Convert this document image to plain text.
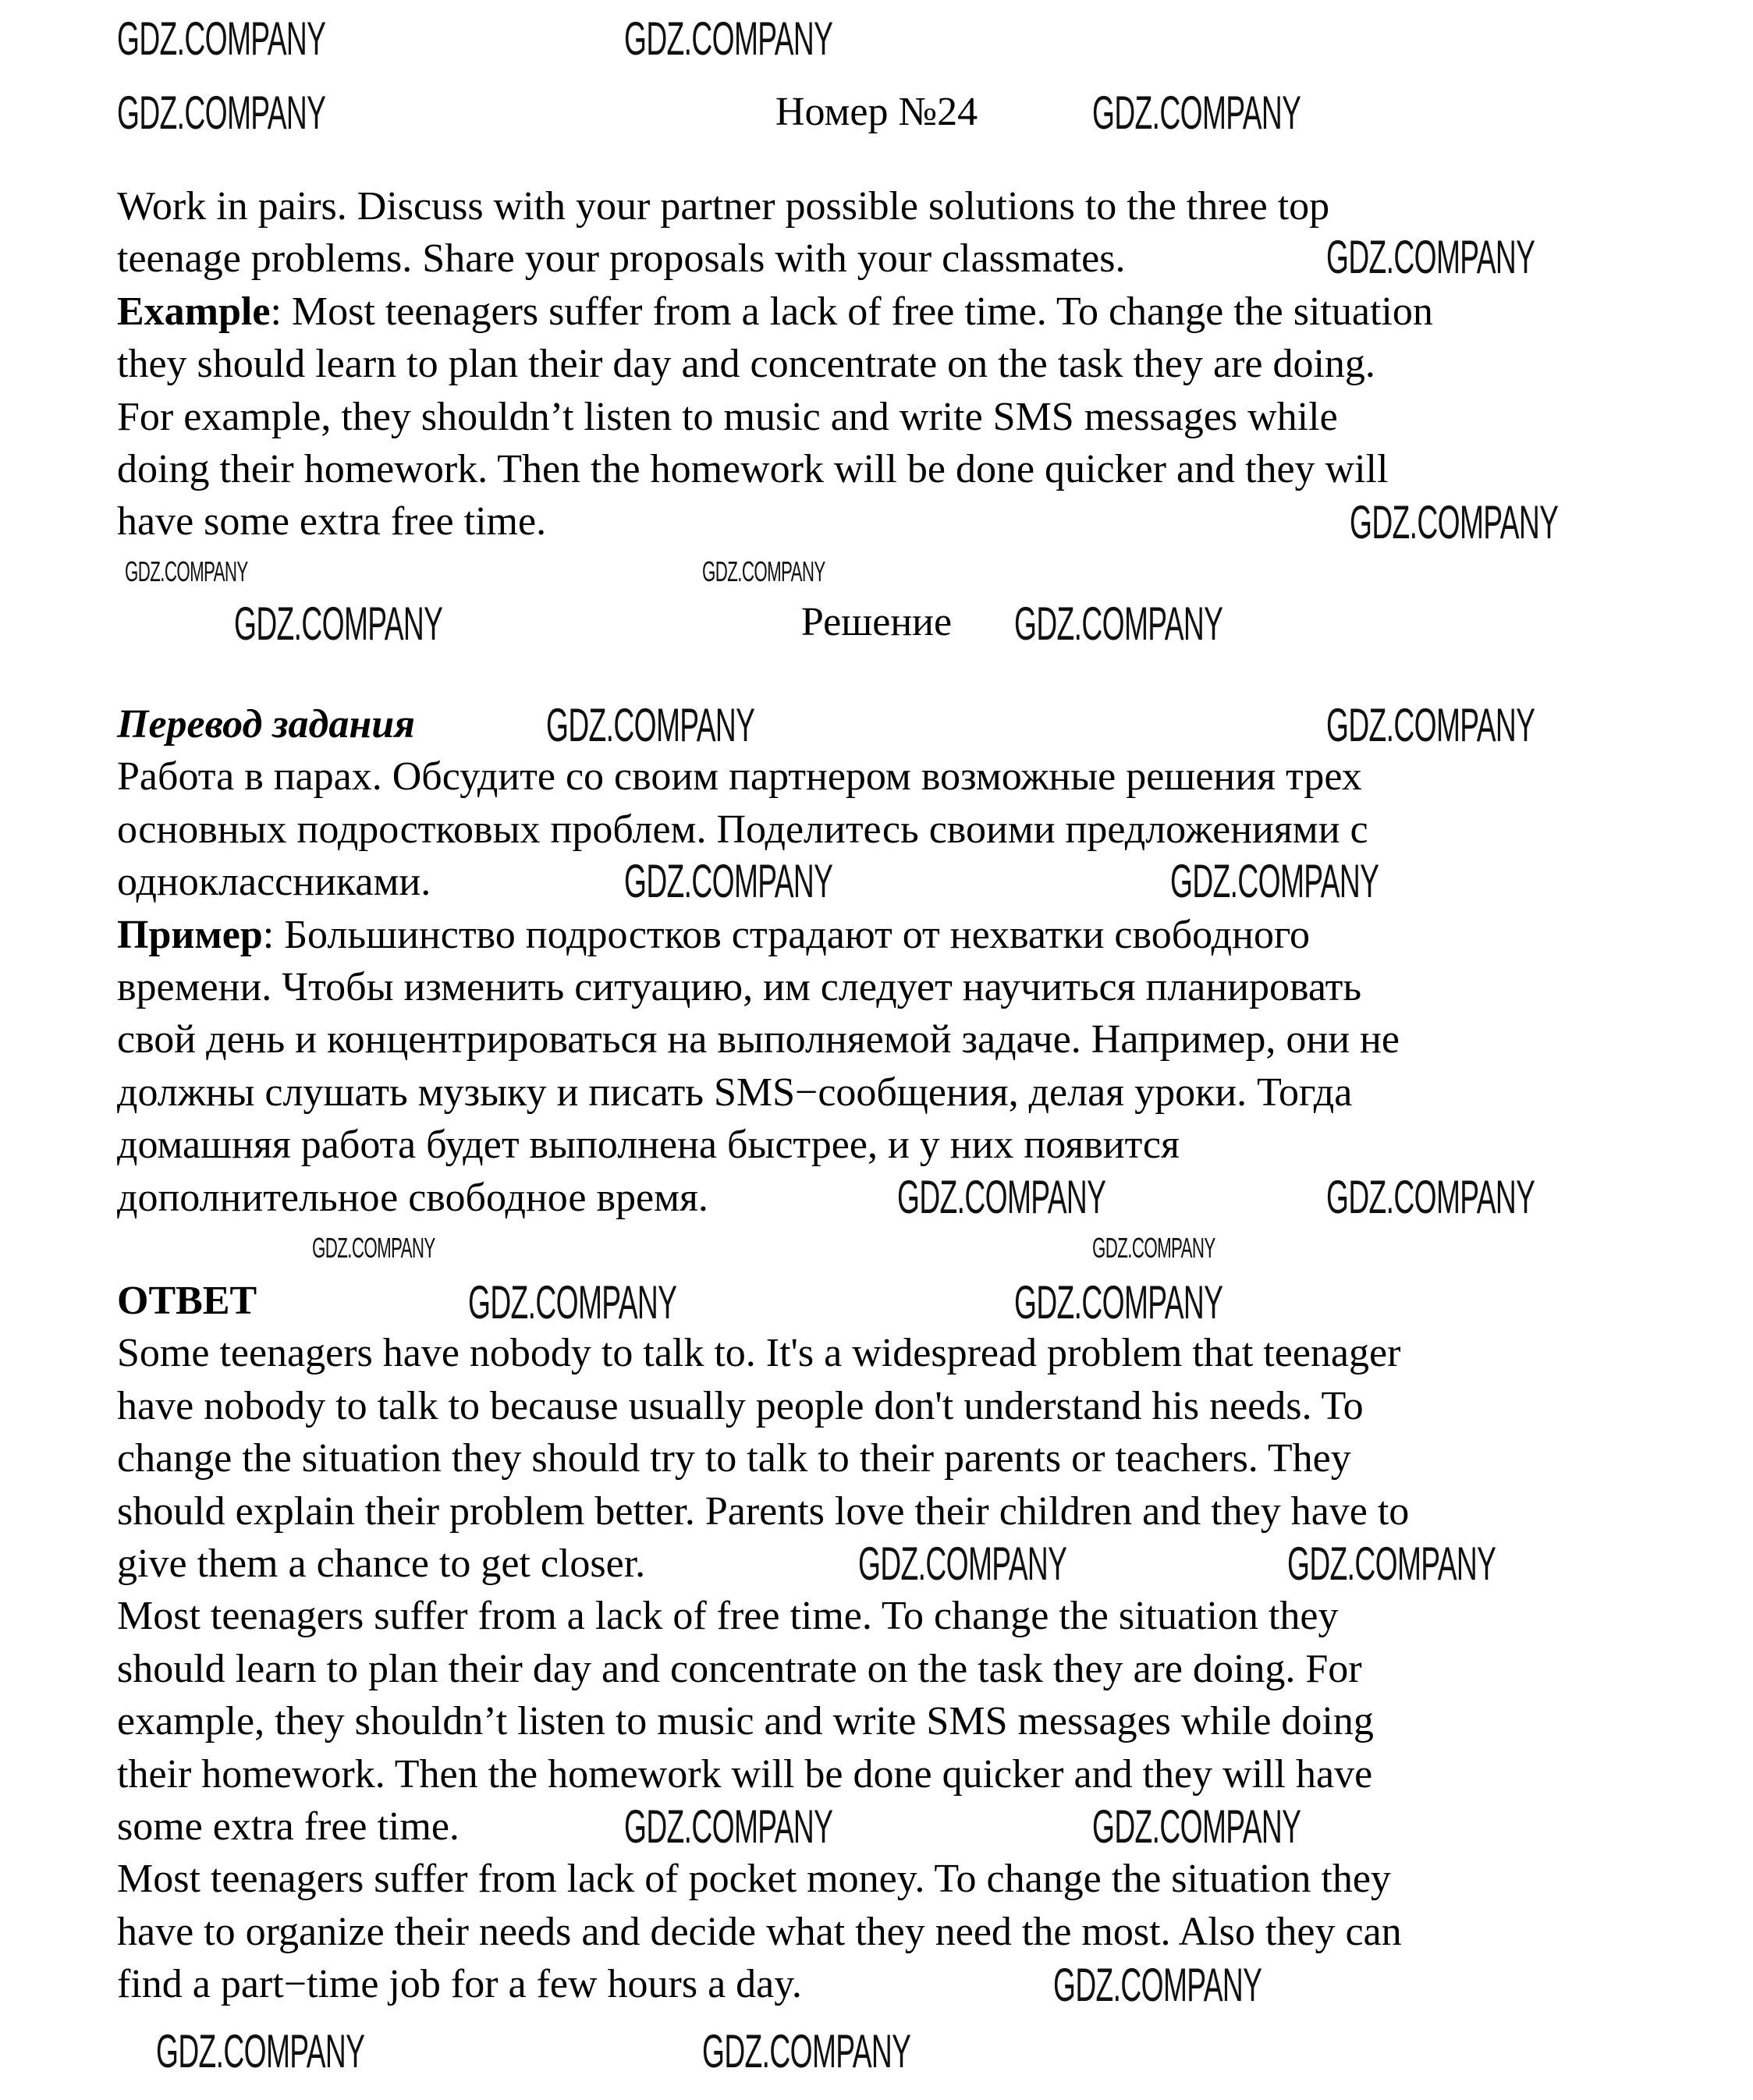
Номер №24
Work in pairs. Discuss with your partner possible solutions to the three top
teenage problems. Share your proposals with your classmates.
Example: Most teenagers suffer from a lack of free time. To change the situation
they should learn to plan their day and concentrate on the task they are doing.
For example, they shouldn’t listen to music and write SMS messages while
doing their homework. Then the homework will be done quicker and they will
have some extra free time.
Решение
Перевод задания
Работа в парах. Обсудите со своим партнером возможные решения трех
основных подростковых проблем. Поделитесь своими предложениями с
одноклассниками.
Пример: Большинство подростков страдают от нехватки свободного
времени. Чтобы изменить ситуацию, им следует научиться планировать
свой день и концентрироваться на выполняемой задаче. Например, они не
должны слушать музыку и писать SMS−сообщения, делая уроки. Тогда
домашняя работа будет выполнена быстрее, и у них появится
дополнительное свободное время.
ОТВЕТ
Some teenagers have nobody to talk to. It's a widespread problem that teenager
have nobody to talk to because usually people don't understand his needs. To
change the situation they should try to talk to their parents or teachers. They
should explain their problem better. Parents love their children and they have to
give them a chance to get closer.
Most teenagers suffer from a lack of free time. To change the situation they
should learn to plan their day and concentrate on the task they are doing. For
example, they shouldn’t listen to music and write SMS messages while doing
their homework. Then the homework will be done quicker and they will have
some extra free time.
Most teenagers suffer from lack of pocket money. To change the situation they
have to organize their needs and decide what they need the most. Also they can
find a part−time job for a few hours a day.
GDZ.COMPANY	GDZ.COMPANY
GDZ.COMPANY	GDZ.COMPANY
GDZ.COMPANY
GDZ.COMPANY
GDZ.COMPANY	GDZ.COMPANY
GDZ.COMPANY	GDZ.COMPANY
GDZ.COMPANY	GDZ.COMPANY
GDZ.COMPANY	GDZ.COMPANY
GDZ.COMPANY	GDZ.COMPANY
GDZ.COMPANY	GDZ.COMPANY
GDZ.COMPANY	GDZ.COMPANY
GDZ.COMPANY	GDZ.COMPANY
GDZ.COMPANY	GDZ.COMPANY
GDZ.COMPANY
GDZ.COMPANY	GDZ.COMPANY
